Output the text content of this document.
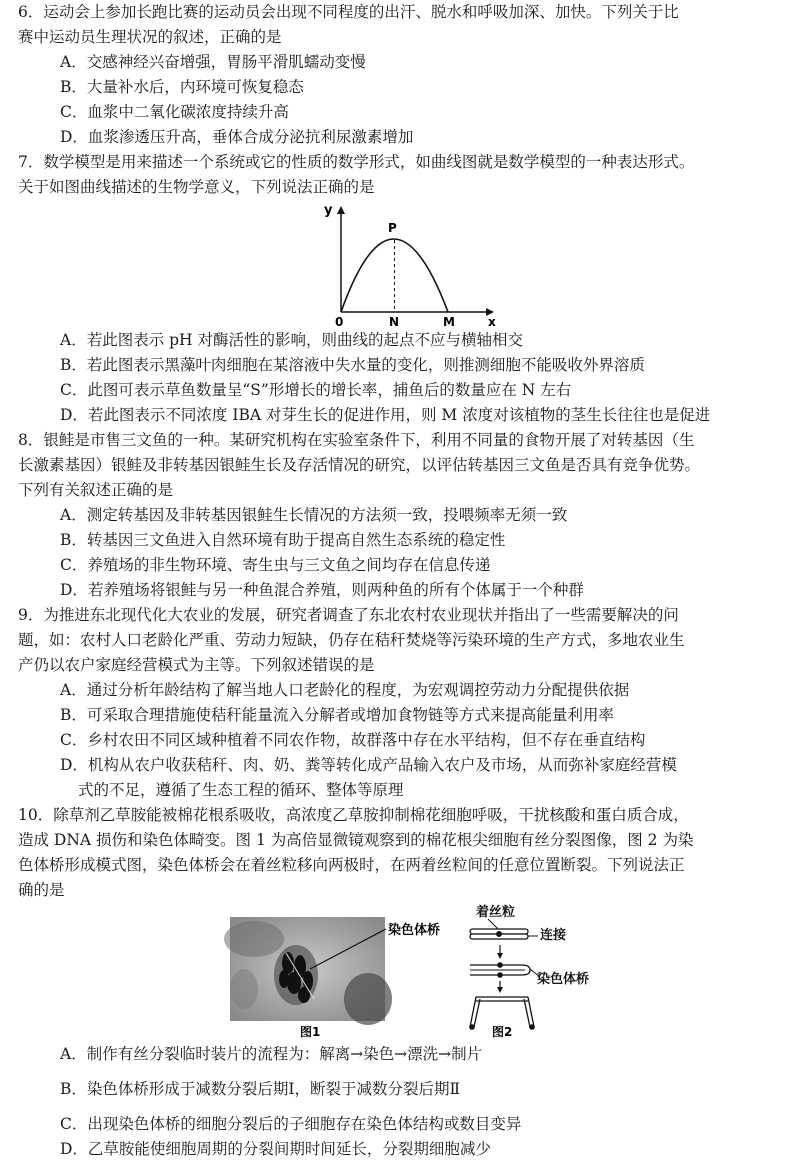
6．运动会上参加长跑比赛的运动员会出现不同程度的出汗、脱水和呼吸加深、加快。下列关于比

赛中运动员生理状况的叙述，正确的是

A．交感神经兴奋增强，胃肠平滑肌蠕动变慢

B．大量补水后，内环境可恢复稳态

C．血浆中二氧化碳浓度持续升高

D．血浆渗透压升高，垂体合成分泌抗利尿激素增加

7．数学模型是用来描述一个系统或它的性质的数学形式，如曲线图就是数学模型的一种表达形式。

关于如图曲线描述的生物学意义，下列说法正确的是

y
P
0	N	M	x

A．若此图表示 pH 对酶活性的影响，则曲线的起点不应与横轴相交

B．若此图表示黑藻叶肉细胞在某溶液中失水量的变化，则推测细胞不能吸收外界溶质

C．此图可表示草鱼数量呈“S”形增长的增长率，捕鱼后的数量应在 N 左右

D．若此图表示不同浓度 IBA 对芽生长的促进作用，则 M 浓度对该植物的茎生长往往也是促进

8．银鲑是市售三文鱼的一种。某研究机构在实验室条件下，利用不同量的食物开展了对转基因（生

长激素基因）银鲑及非转基因银鲑生长及存活情况的研究，以评估转基因三文鱼是否具有竞争优势。

下列有关叙述正确的是

A．测定转基因及非转基因银鲑生长情况的方法须一致，投喂频率无须一致

B．转基因三文鱼进入自然环境有助于提高自然生态系统的稳定性

C．养殖场的非生物环境、寄生虫与三文鱼之间均存在信息传递

D．若养殖场将银鲑与另一种鱼混合养殖，则两种鱼的所有个体属于一个种群

9．为推进东北现代化大农业的发展，研究者调查了东北农村农业现状并指出了一些需要解决的问

题，如：农村人口老龄化严重、劳动力短缺，仍存在秸秆焚烧等污染环境的生产方式，多地农业生

产仍以农户家庭经营模式为主等。下列叙述错误的是

A．通过分析年龄结构了解当地人口老龄化的程度，为宏观调控劳动力分配提供依据

B．可采取合理措施使秸秆能量流入分解者或增加食物链等方式来提高能量利用率

C．乡村农田不同区域种植着不同农作物，故群落中存在水平结构，但不存在垂直结构

D．机构从农户收获秸秆、肉、奶、粪等转化成产品输入农户及市场，从而弥补家庭经营模

式的不足，遵循了生态工程的循环、整体等原理

10．除草剂乙草胺能被棉花根系吸收，高浓度乙草胺抑制棉花细胞呼吸，干扰核酸和蛋白质合成，

造成 DNA 损伤和染色体畸变。图 1 为高倍显微镜观察到的棉花根尖细胞有丝分裂图像，图 2 为染

色体桥形成模式图，染色体桥会在着丝粒移向两极时，在两着丝粒间的任意位置断裂。下列说法正

确的是

染色体桥
图1
着丝粒
连接
染色体桥
图2

A．制作有丝分裂临时装片的流程为：解离→染色→漂洗→制片

B．染色体桥形成于减数分裂后期Ⅰ，断裂于减数分裂后期Ⅱ

C．出现染色体桥的细胞分裂后的子细胞存在染色体结构或数目变异

D．乙草胺能使细胞周期的分裂间期时间延长，分裂期细胞减少
